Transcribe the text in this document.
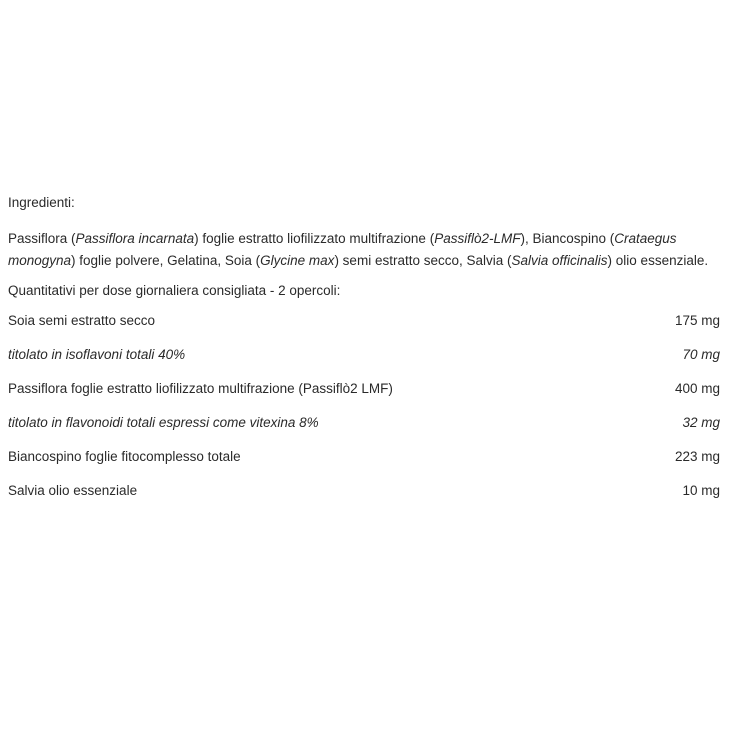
Ingredienti:

Passiflora (Passiflora incarnata) foglie estratto liofilizzato multifrazione (Passiflò2-LMF), Biancospino (Crataegus monogyna) foglie polvere, Gelatina, Soia (Glycine max) semi estratto secco, Salvia (Salvia officinalis) olio essenziale.

Quantitativi per dose giornaliera consigliata - 2 opercoli:

Soia semi estratto secco	175 mg
titolato in isoflavoni totali 40%	70 mg
Passiflora foglie estratto liofilizzato multifrazione (Passiflò2 LMF)	400 mg
titolato in flavonoidi totali espressi come vitexina 8%	32 mg
Biancospino foglie fitocomplesso totale	223 mg
Salvia olio essenziale	10 mg
